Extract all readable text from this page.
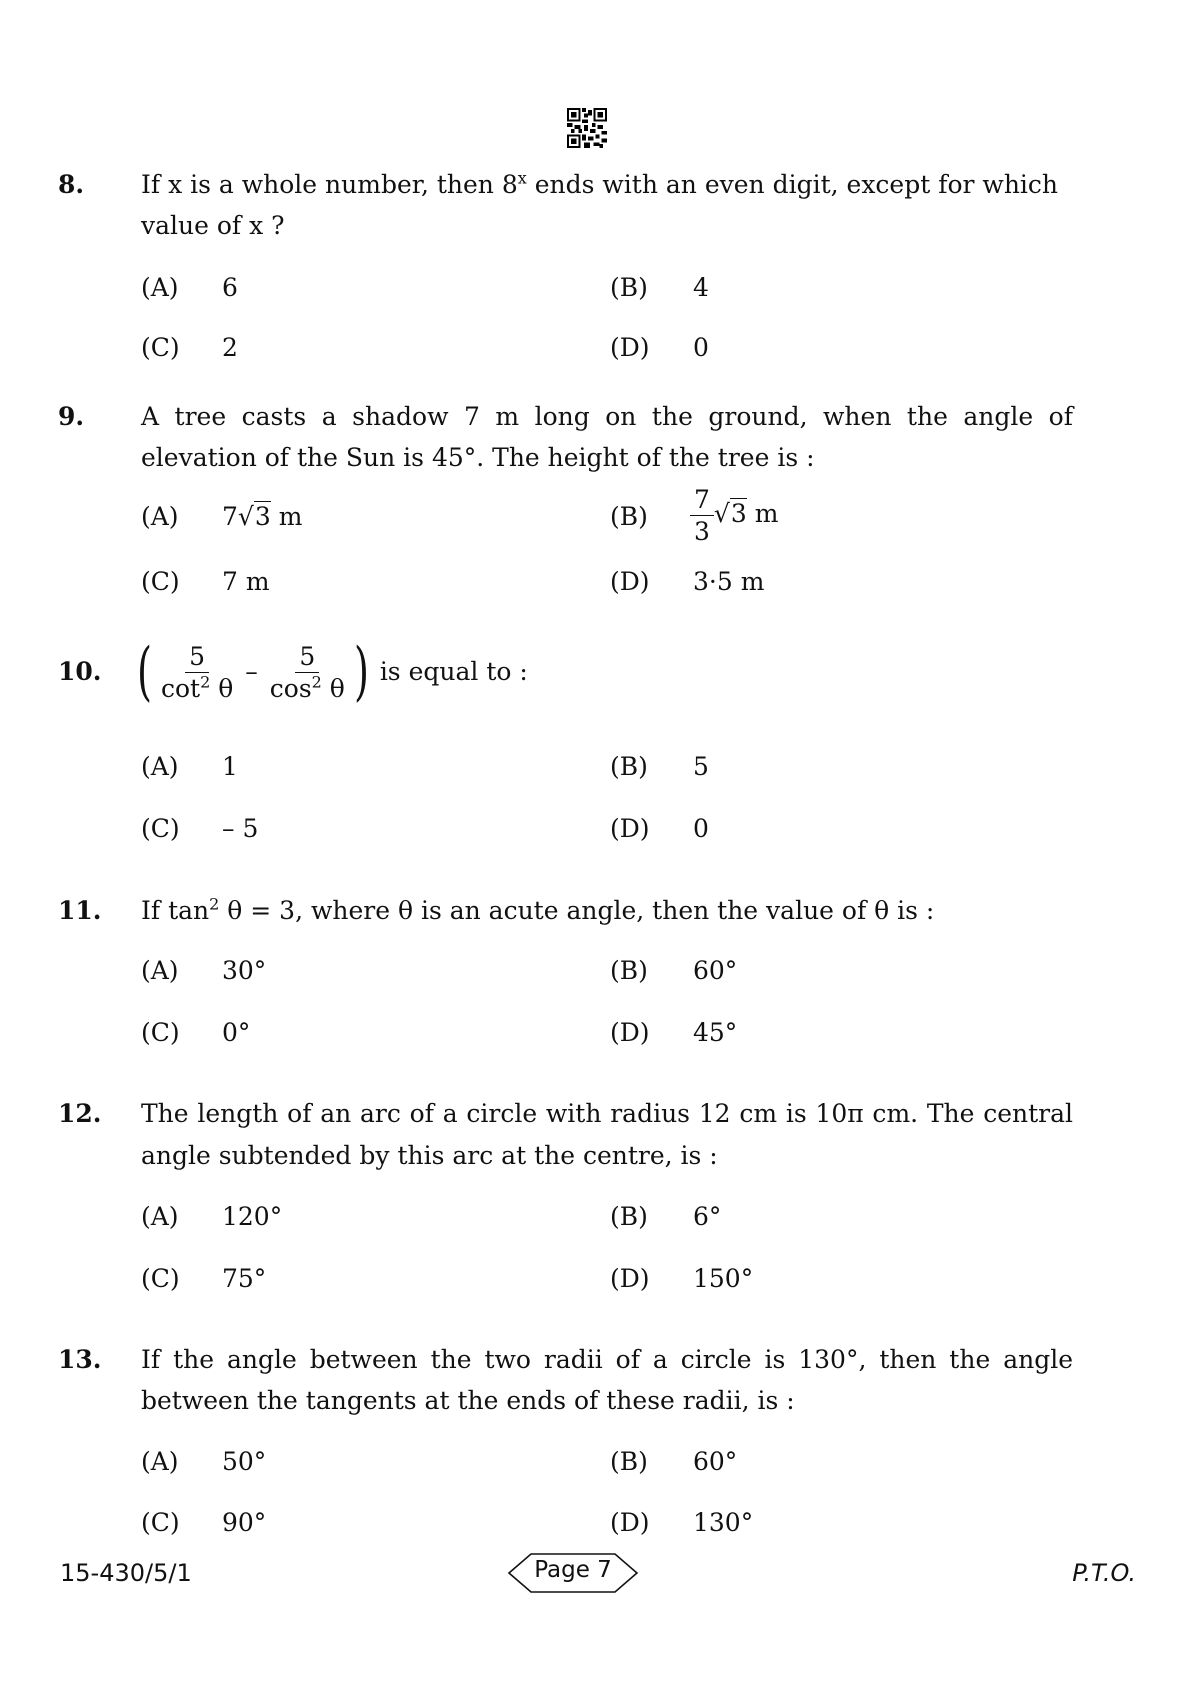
8. If x is a whole number, then 8$^x$ ends with an even digit, except for which
value of x ?
(A) 6	(B) 4
(C) 2	(D) 0
9. A tree casts a shadow 7 m long on the ground, when the angle of
elevation of the Sun is 45°. The height of the tree is :
(A) 7√3 m	$(B) \frac{7}{3} √3$ m
(C) 7 m	(D) 3·5 m
10. ( $\frac{5}{\cot^2 \theta} - \frac{5}{\cos^2 \theta}$ ) is equal to :
(A) 1	(B) 5
(C) – 5	(D) 0
11. If $\tan^2 \theta = 3$, where θ is an acute angle, then the value of θ is :
(A) 30°	(B) 60°
(C) 0°	(D) 45°
12. The length of an arc of a circle with radius 12 cm is 10π cm. The central
angle subtended by this arc at the centre, is :
(A) 120°	(B) 6°
(C) 75°	(D) 150°
13. If the angle between the two radii of a circle is 130°, then the angle
between the tangents at the ends of these radii, is :
(A) 50°	(B) 60°
(C) 90°	(D) 130°
15-430/5/1	Page 7	P.T.O.
